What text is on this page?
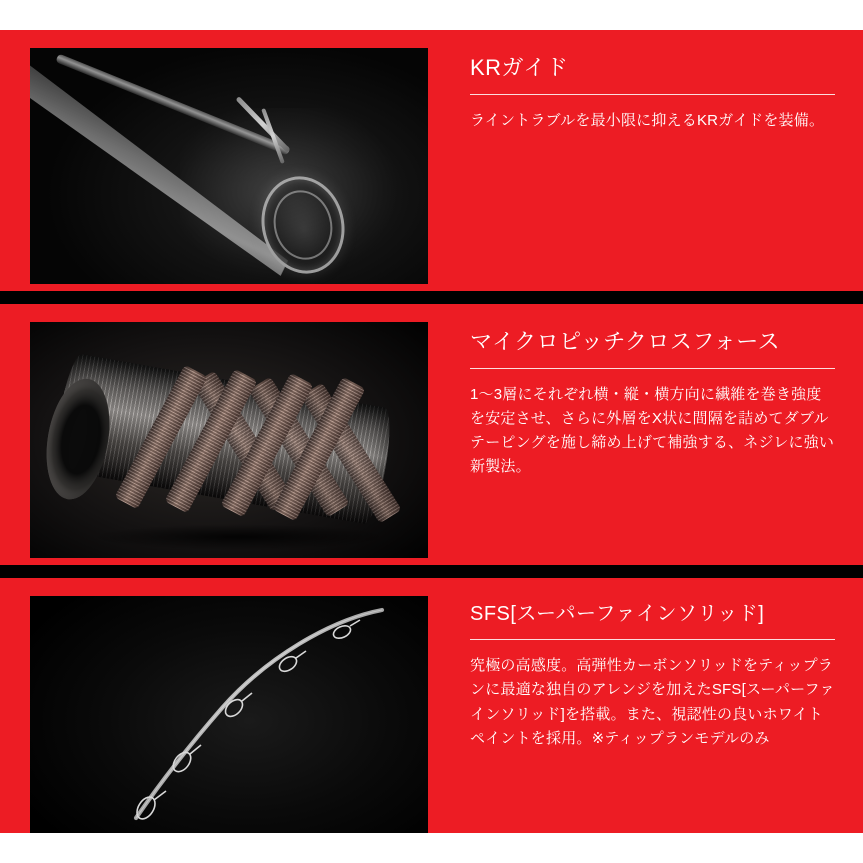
KRガイド

ライントラブルを最小限に抑えるKRガイドを装備。

マイクロピッチクロスフォース

1〜3層にそれぞれ横・縦・横方向に繊維を巻き強度を安定させ、さらに外層をX状に間隔を詰めてダブルテーピングを施し締め上げて補強する、ネジレに強い新製法。

SFS[スーパーファインソリッド]

究極の高感度。高弾性カーボンソリッドをティップランに最適な独自のアレンジを加えたSFS[スーパーファインソリッド]を搭載。また、視認性の良いホワイトペイントを採用。※ティップランモデルのみ
